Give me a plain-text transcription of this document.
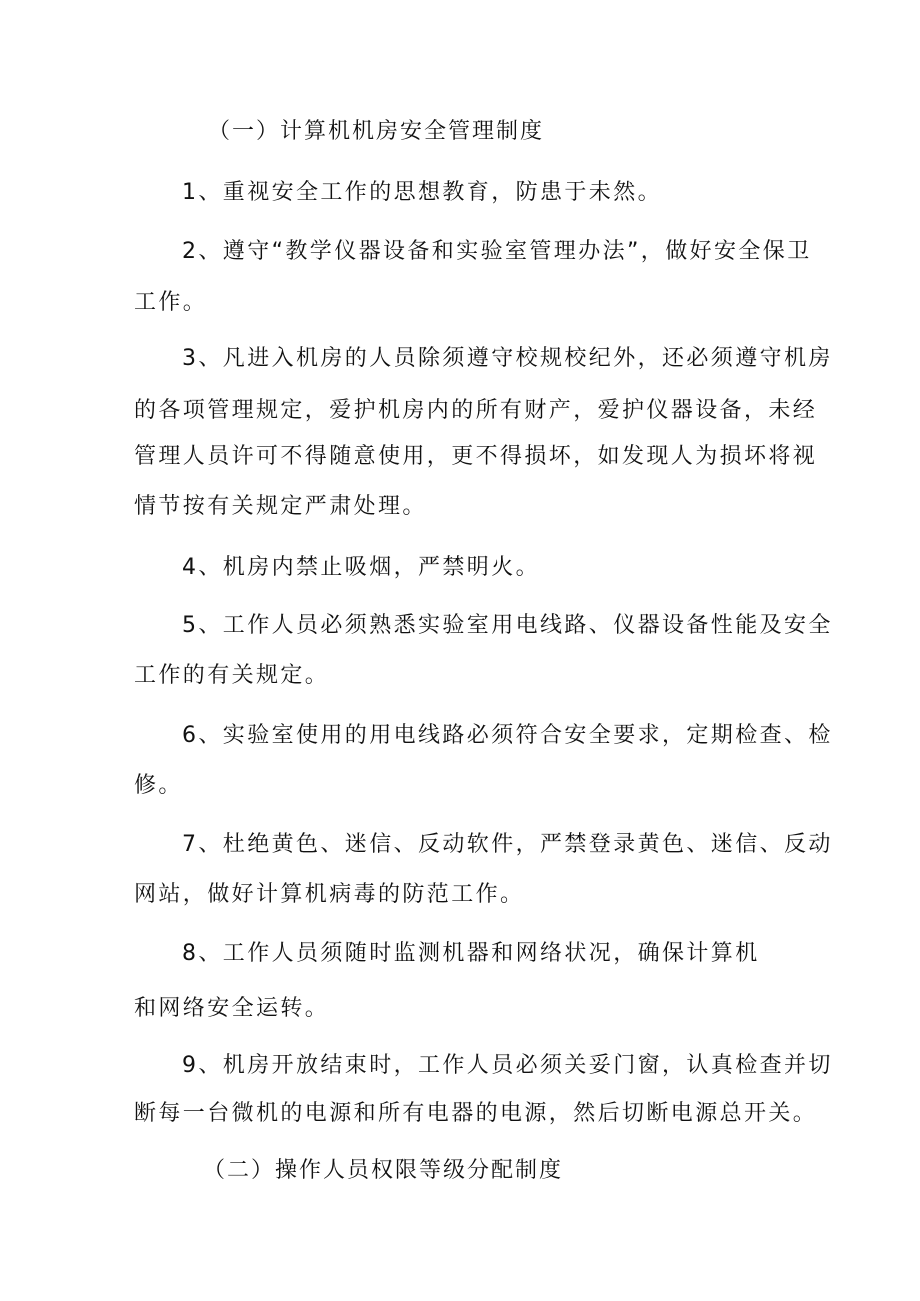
（一）计算机机房安全管理制度
1、重视安全工作的思想教育，防患于未然。
2、遵守“教学仪器设备和实验室管理办法”，做好安全保卫
工作。
3、凡进入机房的人员除须遵守校规校纪外，还必须遵守机房
的各项管理规定，爱护机房内的所有财产，爱护仪器设备，未经
管理人员许可不得随意使用，更不得损坏，如发现人为损坏将视
情节按有关规定严肃处理。
4、机房内禁止吸烟，严禁明火。
5、工作人员必须熟悉实验室用电线路、仪器设备性能及安全
工作的有关规定。
6、实验室使用的用电线路必须符合安全要求，定期检查、检
修。
7、杜绝黄色、迷信、反动软件，严禁登录黄色、迷信、反动
网站，做好计算机病毒的防范工作。
8、工作人员须随时监测机器和网络状况，确保计算机
和网络安全运转。
9、机房开放结束时，工作人员必须关妥门窗，认真检查并切
断每一台微机的电源和所有电器的电源，然后切断电源总开关。
（二）操作人员权限等级分配制度
